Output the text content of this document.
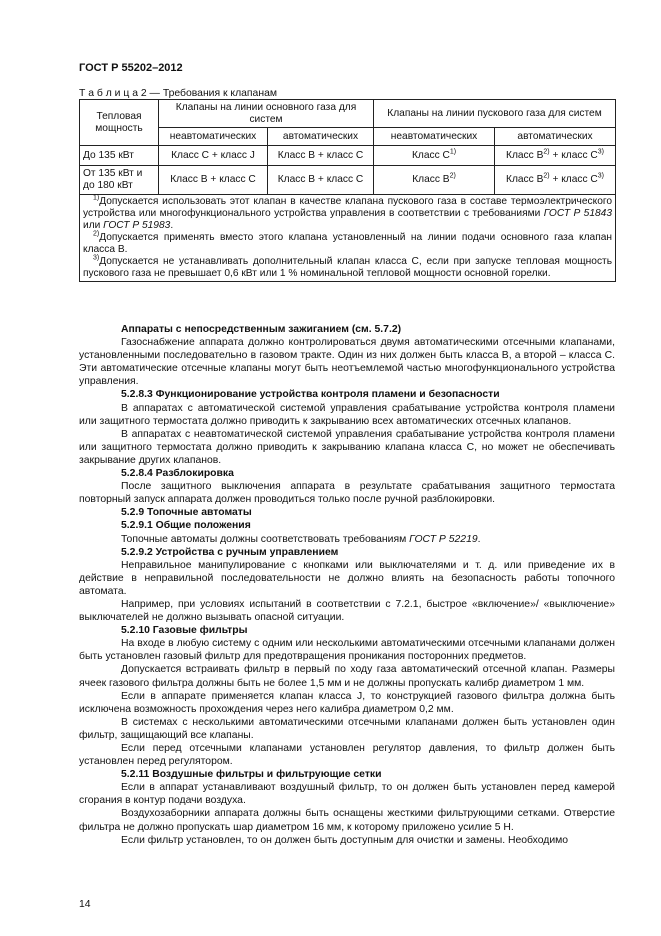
ГОСТ Р 55202–2012
Т а б л и ц а 2 — Требования к клапанам
Тепловая мощность	Клапаны на линии основного газа для систем		Клапаны на линии пускового газа для систем	
	неавтоматических	автоматических	неавтоматических	автоматических
До 135 кВт	Класс С + класс J	Класс В + класс С	Класс $С^{1)}$	Класс $В^{2)}$ + класс $С^{3)}$
От 135 кВт и до 180 кВт	Класс В + класс С	Класс В + класс С	Класс $В^{2)}$	Класс $В^{2)}$ + класс $С^{3)}$

$^{1)}$Допускается использовать этот клапан в качестве клапана пускового газа в составе термоэлектрического устройства или многофункционального устройства управления в соответствии с требованиями ГОСТ Р 51843 или ГОСТ Р 51983.

$^{2)}$Допускается применять вместо этого клапана установленный на линии подачи основного газа клапан класса В.

$^{3)}$Допускается не устанавливать дополнительный клапан класса С, если при запуске тепловая мощность пускового газа не превышает 0,6 кВт или 1 % номинальной тепловой мощности основной горелки.				

Аппараты с непосредственным зажиганием (см. 5.7.2)

Газоснабжение аппарата должно контролироваться двумя автоматическими отсечными клапанами, установленными последовательно в газовом тракте. Один из них должен быть класса В, а второй – класса С. Эти автоматические отсечные клапаны могут быть неотъемлемой частью многофункционального устройства управления.

5.2.8.3 Функционирование устройства контроля пламени и безопасности

В аппаратах с автоматической системой управления срабатывание устройства контроля пламени или защитного термостата должно приводить к закрыванию всех автоматических отсечных клапанов.

В аппаратах с неавтоматической системой управления срабатывание устройства контроля пламени или защитного термостата должно приводить к закрыванию клапана класса С, но может не обеспечивать закрывание других клапанов.

5.2.8.4 Разблокировка

После защитного выключения аппарата в результате срабатывания защитного термостата повторный запуск аппарата должен проводиться только после ручной разблокировки.

5.2.9 Топочные автоматы

5.2.9.1 Общие положения

Топочные автоматы должны соответствовать требованиям ГОСТ Р 52219.

5.2.9.2 Устройства с ручным управлением

Неправильное манипулирование с кнопками или выключателями и т. д. или приведение их в действие в неправильной последовательности не должно влиять на безопасность работы топочного автомата.

Например, при условиях испытаний в соответствии с 7.2.1, быстрое «включение»/ «выключение» выключателей не должно вызывать опасной ситуации.

5.2.10 Газовые фильтры

На входе в любую систему с одним или несколькими автоматическими отсечными клапанами должен быть установлен газовый фильтр для предотвращения проникания посторонних предметов.

Допускается встраивать фильтр в первый по ходу газа автоматический отсечной клапан. Размеры ячеек газового фильтра должны быть не более 1,5 мм и не должны пропускать калибр диаметром 1 мм.

Если в аппарате применяется клапан класса J, то конструкцией газового фильтра должна быть исключена возможность прохождения через него калибра диаметром 0,2 мм.

В системах с несколькими автоматическими отсечными клапанами должен быть установлен один фильтр, защищающий все клапаны.

Если перед отсечными клапанами установлен регулятор давления, то фильтр должен быть установлен перед регулятором.

5.2.11 Воздушные фильтры и фильтрующие сетки

Если в аппарат устанавливают воздушный фильтр, то он должен быть установлен перед камерой сгорания в контур подачи воздуха.

Воздухозаборники аппарата должны быть оснащены жесткими фильтрующими сетками. Отверстие фильтра не должно пропускать шар диаметром 16 мм, к которому приложено усилие 5 Н.

Если фильтр установлен, то он должен быть доступным для очистки и замены. Необходимо

14
